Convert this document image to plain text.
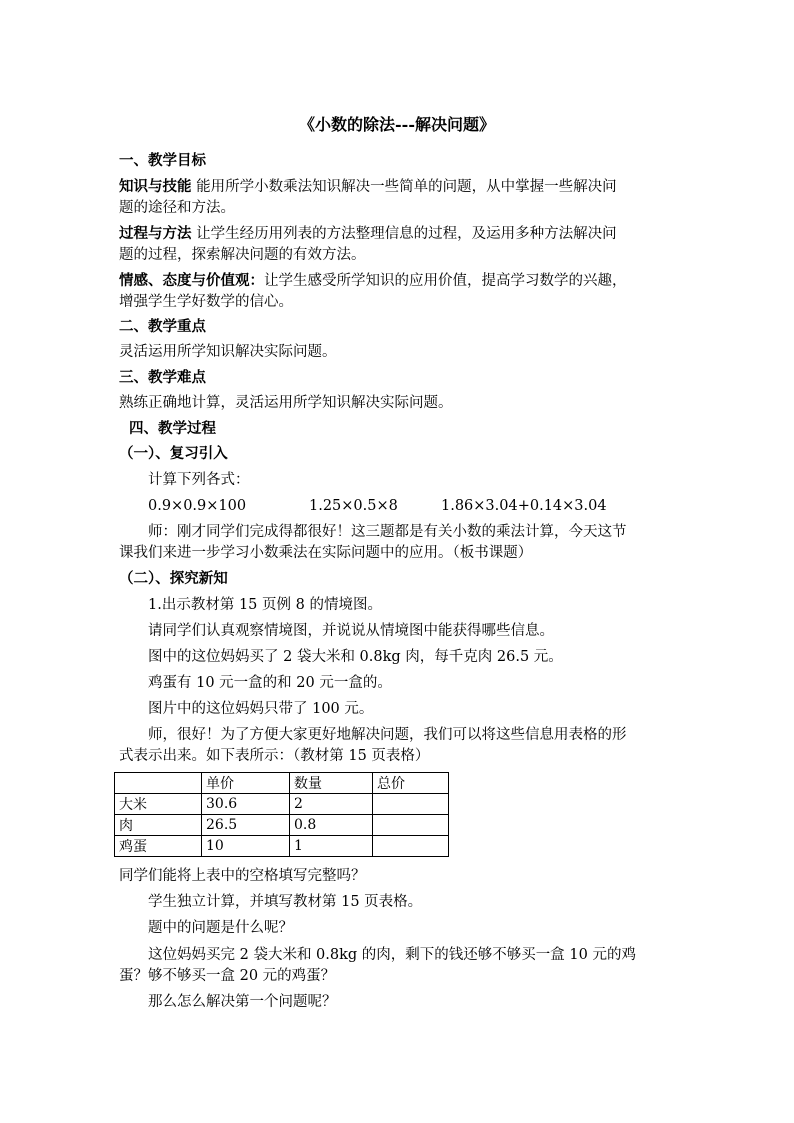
《小数的除法---解决问题》
一、教学目标
知识与技能 能用所学小数乘法知识解决一些简单的问题，从中掌握一些解决问
题的途径和方法。
过程与方法 让学生经历用列表的方法整理信息的过程，及运用多种方法解决问
题的过程，探索解决问题的有效方法。
情感、态度与价值观：让学生感受所学知识的应用价值，提高学习数学的兴趣，
增强学生学好数学的信心。
二、教学重点
灵活运用所学知识解决实际问题。
三、教学难点
熟练正确地计算，灵活运用所学知识解决实际问题。
四、教学过程
（一）、复习引入
计算下列各式：
0.9×0.9×100	1.25×0.5×8	1.86×3.04+0.14×3.04
师：刚才同学们完成得都很好！这三题都是有关小数的乘法计算，今天这节
课我们来进一步学习小数乘法在实际问题中的应用。（板书课题）
（二）、探究新知
1.出示教材第 15 页例 8 的情境图。
请同学们认真观察情境图，并说说从情境图中能获得哪些信息。
图中的这位妈妈买了 2 袋大米和 0.8kg 肉，每千克肉 26.5 元。
鸡蛋有 10 元一盒的和 20 元一盒的。
图片中的这位妈妈只带了 100 元。
师，很好！为了方便大家更好地解决问题，我们可以将这些信息用表格的形
式表示出来。如下表所示：（教材第 15 页表格）
	单价	数量	总价
大米	30.6	2	
肉	26.5	0.8	
鸡蛋	10	1	
同学们能将上表中的空格填写完整吗？
学生独立计算，并填写教材第 15 页表格。
题中的问题是什么呢？
这位妈妈买完 2 袋大米和 0.8kg 的肉，剩下的钱还够不够买一盒 10 元的鸡
蛋？够不够买一盒 20 元的鸡蛋？
那么怎么解决第一个问题呢？
